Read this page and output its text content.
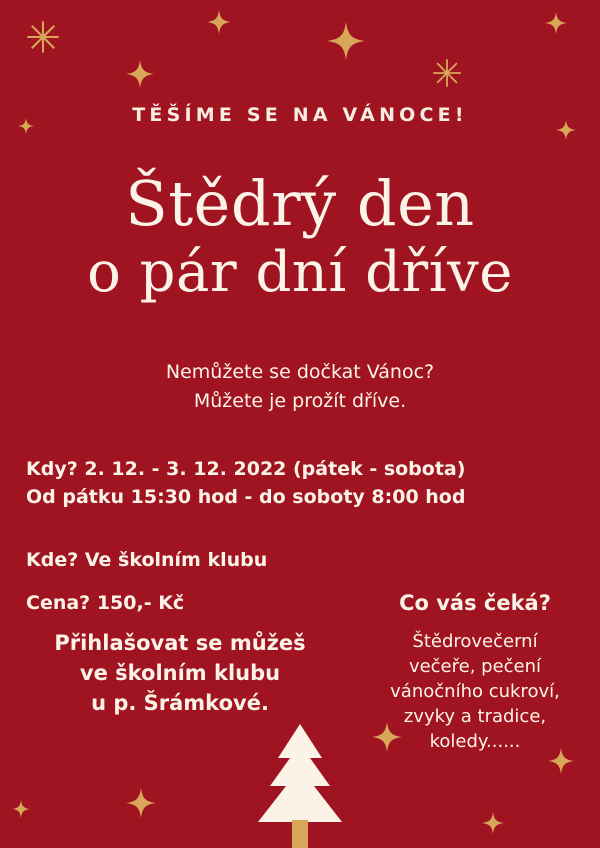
TĚŠÍME SE NA VÁNOCE!
Štědrý den
o pár dní dříve
Nemůžete se dočkat Vánoc?
Můžete je prožít dříve.
Kdy? 2. 12. - 3. 12. 2022 (pátek - sobota)
Od pátku 15:30 hod - do soboty 8:00 hod
Kde? Ve školním klubu
Cena? 150,- Kč
Přihlašovat se můžeš
ve školním klubu
u p. Šrámkové.
Co vás čeká?
Štědrovečerní
večeře, pečení
vánočního cukroví,
zvyky a tradice,
koledy......
